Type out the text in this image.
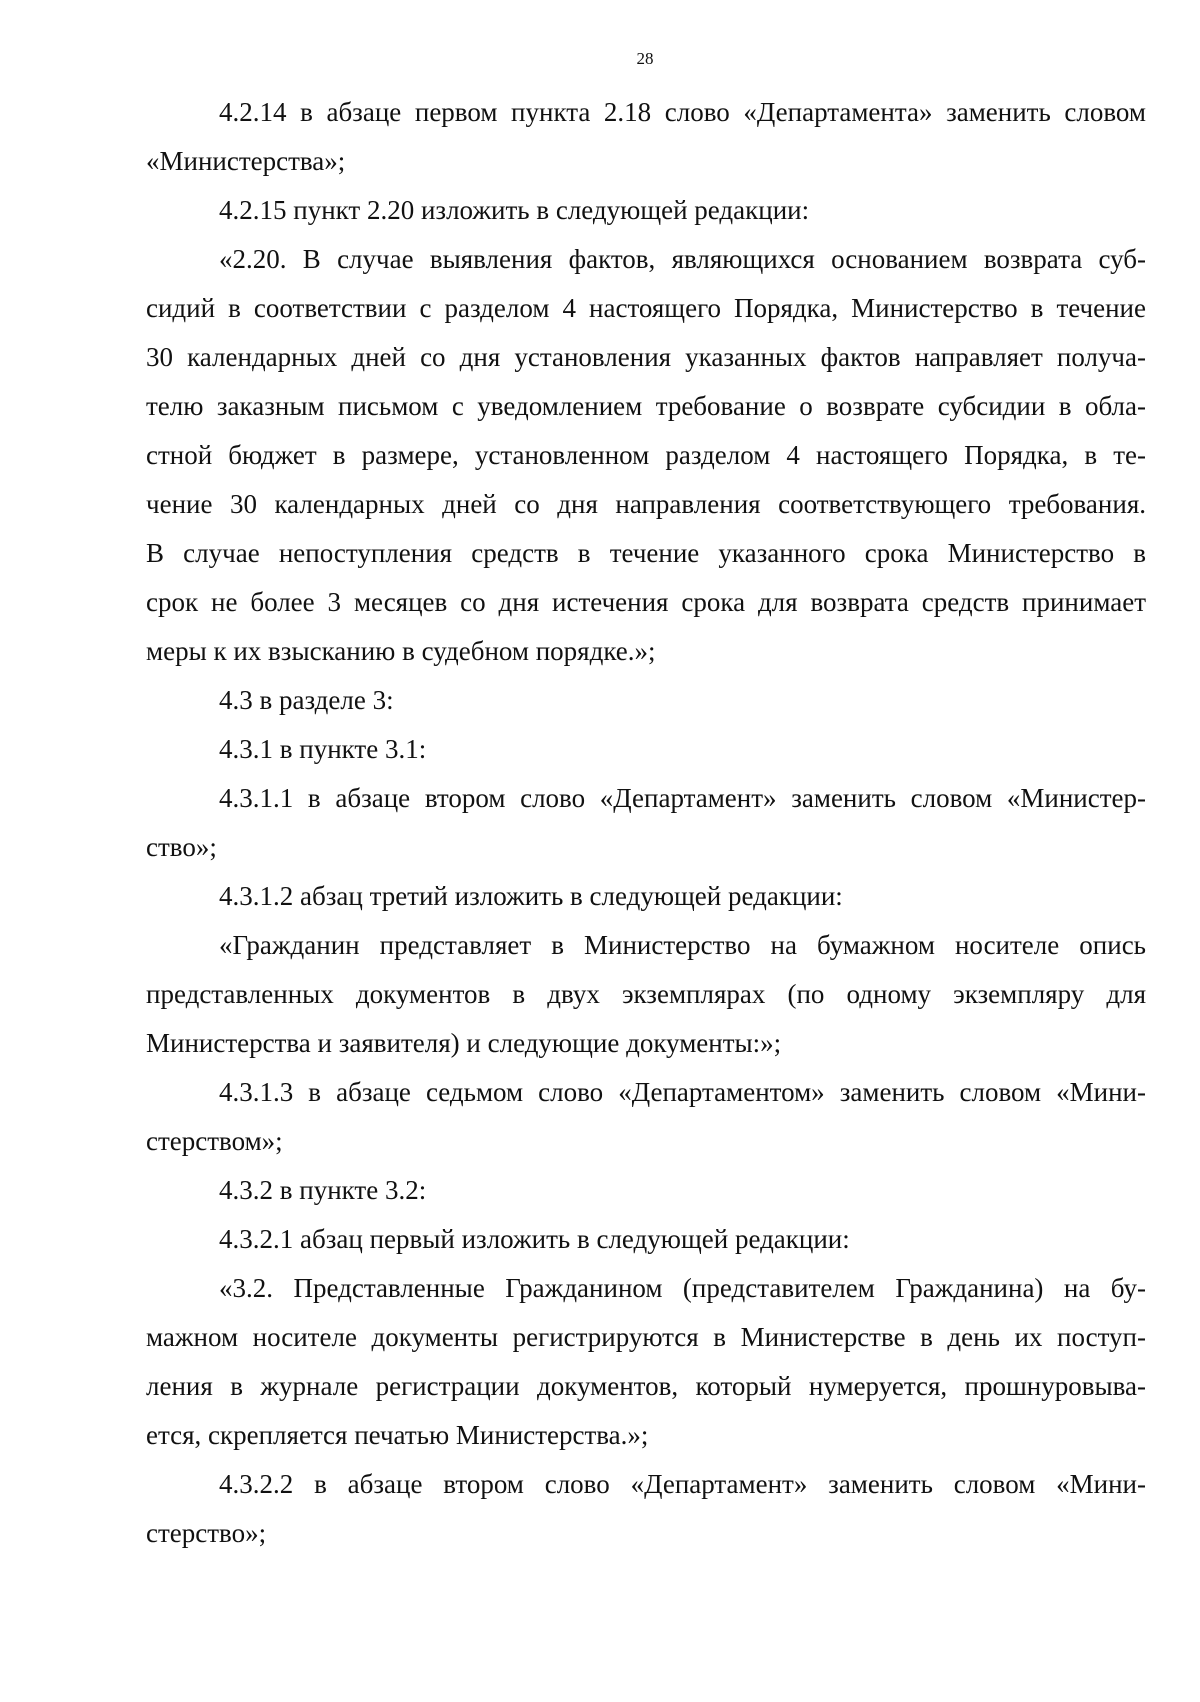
28
4.2.14 в абзаце первом пункта 2.18 слово «Департамента» заменить словом
«Министерства»;
4.2.15 пункт 2.20 изложить в следующей редакции:
«2.20. В случае выявления фактов, являющихся основанием возврата суб-
сидий в соответствии с разделом 4 настоящего Порядка, Министерство в течение
30 календарных дней со дня установления указанных фактов направляет получа-
телю заказным письмом с уведомлением требование о возврате субсидии в обла-
стной бюджет в размере, установленном разделом 4 настоящего Порядка, в те-
чение 30 календарных дней со дня направления соответствующего требования.
В случае непоступления средств в течение указанного срока Министерство в
срок не более 3 месяцев со дня истечения срока для возврата средств принимает
меры к их взысканию в судебном порядке.»;
4.3 в разделе 3:
4.3.1 в пункте 3.1:
4.3.1.1 в абзаце втором слово «Департамент» заменить словом «Министер-
ство»;
4.3.1.2 абзац третий изложить в следующей редакции:
«Гражданин представляет в Министерство на бумажном носителе опись
представленных документов в двух экземплярах (по одному экземпляру для
Министерства и заявителя) и следующие документы:»;
4.3.1.3 в абзаце седьмом слово «Департаментом» заменить словом «Мини-
стерством»;
4.3.2 в пункте 3.2:
4.3.2.1 абзац первый изложить в следующей редакции:
«3.2. Представленные Гражданином (представителем Гражданина) на бу-
мажном носителе документы регистрируются в Министерстве в день их поступ-
ления в журнале регистрации документов, который нумеруется, прошнуровыва-
ется, скрепляется печатью Министерства.»;
4.3.2.2 в абзаце втором слово «Департамент» заменить словом «Мини-
стерство»;
